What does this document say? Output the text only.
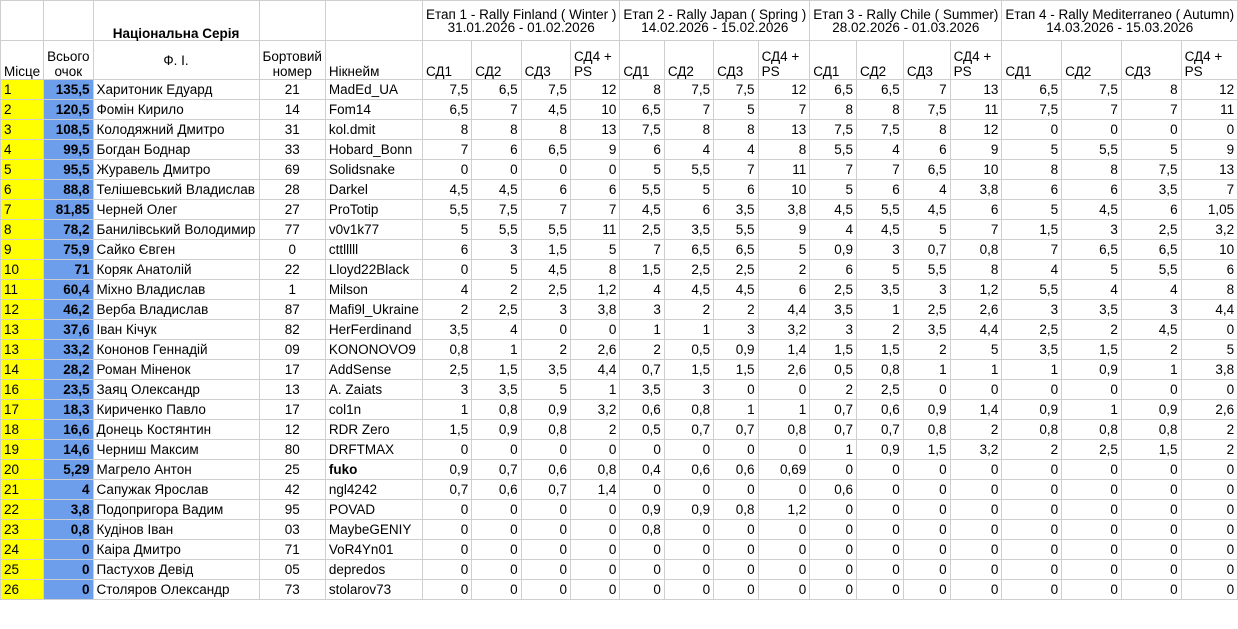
		Національна Серія			Етап 1 - Rally Finland ( Winter )
31.01.2026 - 01.02.2026				Етап 2 - Rally Japan ( Spring )
14.02.2026 - 15.02.2026				Етап 3 - Rally Chile ( Summer)
28.02.2026 - 01.03.2026				Етап 4 - Rally Mediterraneo ( Autumn)
14.03.2026 - 15.03.2026			
Місце	Всього очок	Ф. І.	Бортовий номер	Нікнейм	СД1	СД2	СД3	СД4 + PS	СД1	СД2	СД3	СД4 + PS	СД1	СД2	СД3	СД4 + PS	СД1	СД2	СД3	СД4 + PS
1	135,5	Харитоник Едуард	21	MadEd_UA	7,5	6,5	7,5	12	8	7,5	7,5	12	6,5	6,5	7	13	6,5	7,5	8	12
2	120,5	Фомін Кирило	14	Fom14	6,5	7	4,5	10	6,5	7	5	7	8	8	7,5	11	7,5	7	7	11
3	108,5	Колодяжний Дмитро	31	kol.dmit	8	8	8	13	7,5	8	8	13	7,5	7,5	8	12	0	0	0	0
4	99,5	Богдан Боднар	33	Hobard_Bonn	7	6	6,5	9	6	4	4	8	5,5	4	6	9	5	5,5	5	9
5	95,5	Журавель Дмитро	69	Solidsnake	0	0	0	0	5	5,5	7	11	7	7	6,5	10	8	8	7,5	13
6	88,8	Телішевський Владислав	28	Darkel	4,5	4,5	6	6	5,5	5	6	10	5	6	4	3,8	6	6	3,5	7
7	81,85	Черней Олег	27	ProTotip	5,5	7,5	7	7	4,5	6	3,5	3,8	4,5	5,5	4,5	6	5	4,5	6	1,05
8	78,2	Банилівський Володимир	77	v0v1k77	5	5,5	5,5	11	2,5	3,5	5,5	9	4	4,5	5	7	1,5	3	2,5	3,2
9	75,9	Сайко Євген	0	cttlllll	6	3	1,5	5	7	6,5	6,5	5	0,9	3	0,7	0,8	7	6,5	6,5	10
10	71	Коряк Анатолій	22	Lloyd22Black	0	5	4,5	8	1,5	2,5	2,5	2	6	5	5,5	8	4	5	5,5	6
11	60,4	Міхно Владислав	1	Milson	4	2	2,5	1,2	4	4,5	4,5	6	2,5	3,5	3	1,2	5,5	4	4	8
12	46,2	Верба Владислав	87	Mafi9l_Ukraine	2	2,5	3	3,8	3	2	2	4,4	3,5	1	2,5	2,6	3	3,5	3	4,4
13	37,6	Іван Кічук	82	HerFerdinand	3,5	4	0	0	1	1	3	3,2	3	2	3,5	4,4	2,5	2	4,5	0
13	33,2	Кононов Геннадій	09	KONONOVO9	0,8	1	2	2,6	2	0,5	0,9	1,4	1,5	1,5	2	5	3,5	1,5	2	5
14	28,2	Роман Міненок	17	AddSense	2,5	1,5	3,5	4,4	0,7	1,5	1,5	2,6	0,5	0,8	1	1	1	0,9	1	3,8
16	23,5	Заяц Олександр	13	A. Zaiats	3	3,5	5	1	3,5	3	0	0	2	2,5	0	0	0	0	0	0
17	18,3	Кириченко Павло	17	col1n	1	0,8	0,9	3,2	0,6	0,8	1	1	0,7	0,6	0,9	1,4	0,9	1	0,9	2,6
18	16,6	Донець Костянтин	12	RDR Zero	1,5	0,9	0,8	2	0,5	0,7	0,7	0,8	0,7	0,7	0,8	2	0,8	0,8	0,8	2
19	14,6	Черниш Максим	80	DRFTMAX	0	0	0	0	0	0	0	0	1	0,9	1,5	3,2	2	2,5	1,5	2
20	5,29	Магрело Антон	25	fuko	0,9	0,7	0,6	0,8	0,4	0,6	0,6	0,69	0	0	0	0	0	0	0	0
21	4	Сапужак Ярослав	42	ngl4242	0,7	0,6	0,7	1,4	0	0	0	0	0,6	0	0	0	0	0	0	0
22	3,8	Подопригора Вадим	95	POVAD	0	0	0	0	0,9	0,9	0,8	1,2	0	0	0	0	0	0	0	0
23	0,8	Кудінов Іван	03	MaybeGENIY	0	0	0	0	0,8	0	0	0	0	0	0	0	0	0	0	0
24	0	Каіра Дмитро	71	VoR4Yn01	0	0	0	0	0	0	0	0	0	0	0	0	0	0	0	0
25	0	Пастухов Девід	05	depredos	0	0	0	0	0	0	0	0	0	0	0	0	0	0	0	0
26	0	Столяров Олександр	73	stolarov73	0	0	0	0	0	0	0	0	0	0	0	0	0	0	0	0
